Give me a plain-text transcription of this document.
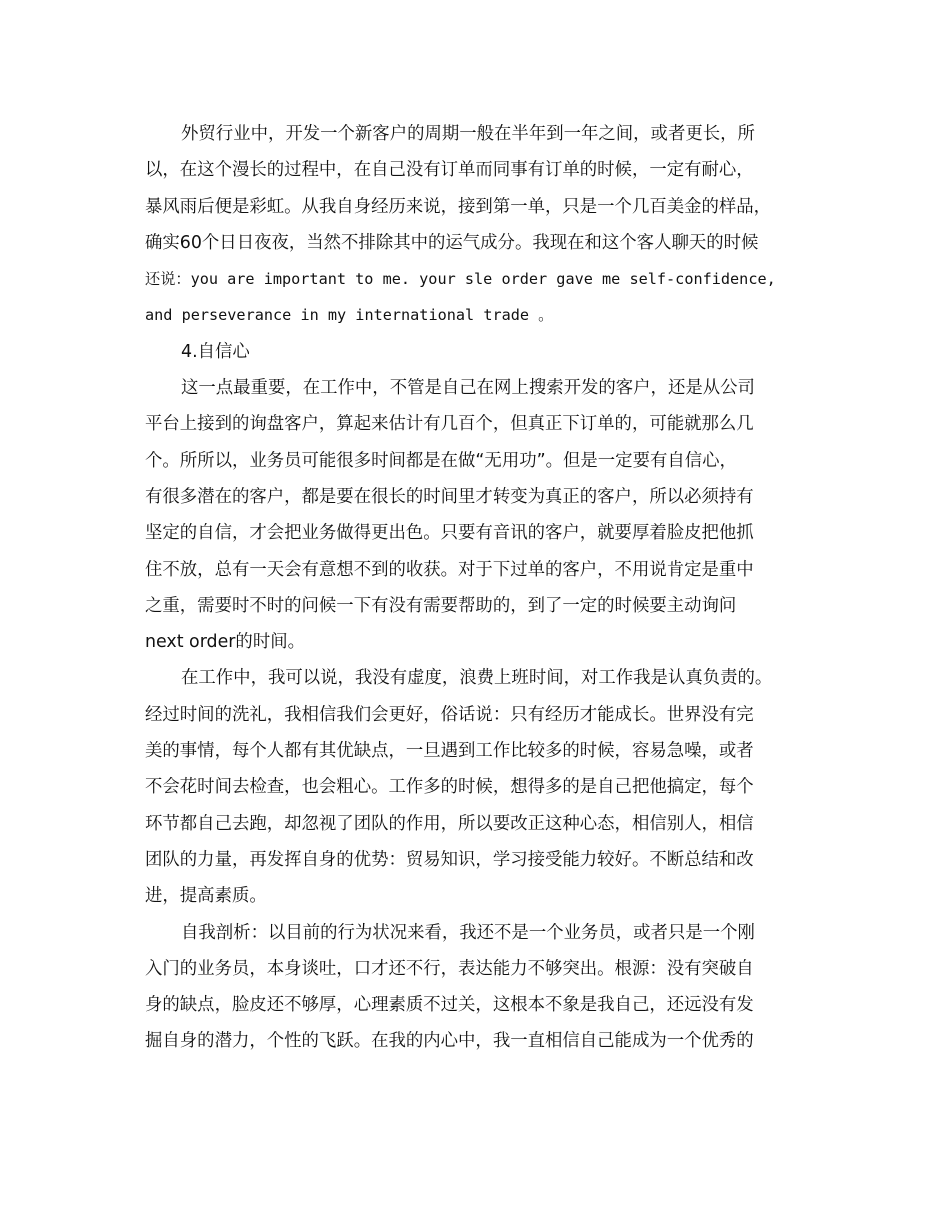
外贸行业中，开发一个新客户的周期一般在半年到一年之间，或者更长，所
以，在这个漫长的过程中，在自己没有订单而同事有订单的时候，一定有耐心，
暴风雨后便是彩虹。从我自身经历来说，接到第一单，只是一个几百美金的样品，
确实60个日日夜夜，当然不排除其中的运气成分。我现在和这个客人聊天的时候
还说：you are important to me. your sle order gave me self-confidence,
and perseverance in my international trade 。
4.自信心
这一点最重要，在工作中，不管是自己在网上搜索开发的客户，还是从公司
平台上接到的询盘客户，算起来估计有几百个，但真正下订单的，可能就那么几
个。所所以，业务员可能很多时间都是在做“无用功”。但是一定要有自信心，
有很多潜在的客户，都是要在很长的时间里才转变为真正的客户，所以必须持有
坚定的自信，才会把业务做得更出色。只要有音讯的客户，就要厚着脸皮把他抓
住不放，总有一天会有意想不到的收获。对于下过单的客户，不用说肯定是重中
之重，需要时不时的问候一下有没有需要帮助的，到了一定的时候要主动询问
next order的时间。
在工作中，我可以说，我没有虚度，浪费上班时间，对工作我是认真负责的。
经过时间的洗礼，我相信我们会更好，俗话说：只有经历才能成长。世界没有完
美的事情，每个人都有其优缺点，一旦遇到工作比较多的时候，容易急噪，或者
不会花时间去检查，也会粗心。工作多的时候，想得多的是自己把他搞定，每个
环节都自己去跑，却忽视了团队的作用，所以要改正这种心态，相信别人，相信
团队的力量，再发挥自身的优势：贸易知识，学习接受能力较好。不断总结和改
进，提高素质。
自我剖析：以目前的行为状况来看，我还不是一个业务员，或者只是一个刚
入门的业务员，本身谈吐，口才还不行，表达能力不够突出。根源：没有突破自
身的缺点，脸皮还不够厚，心理素质不过关，这根本不象是我自己，还远没有发
掘自身的潜力，个性的飞跃。在我的内心中，我一直相信自己能成为一个优秀的
